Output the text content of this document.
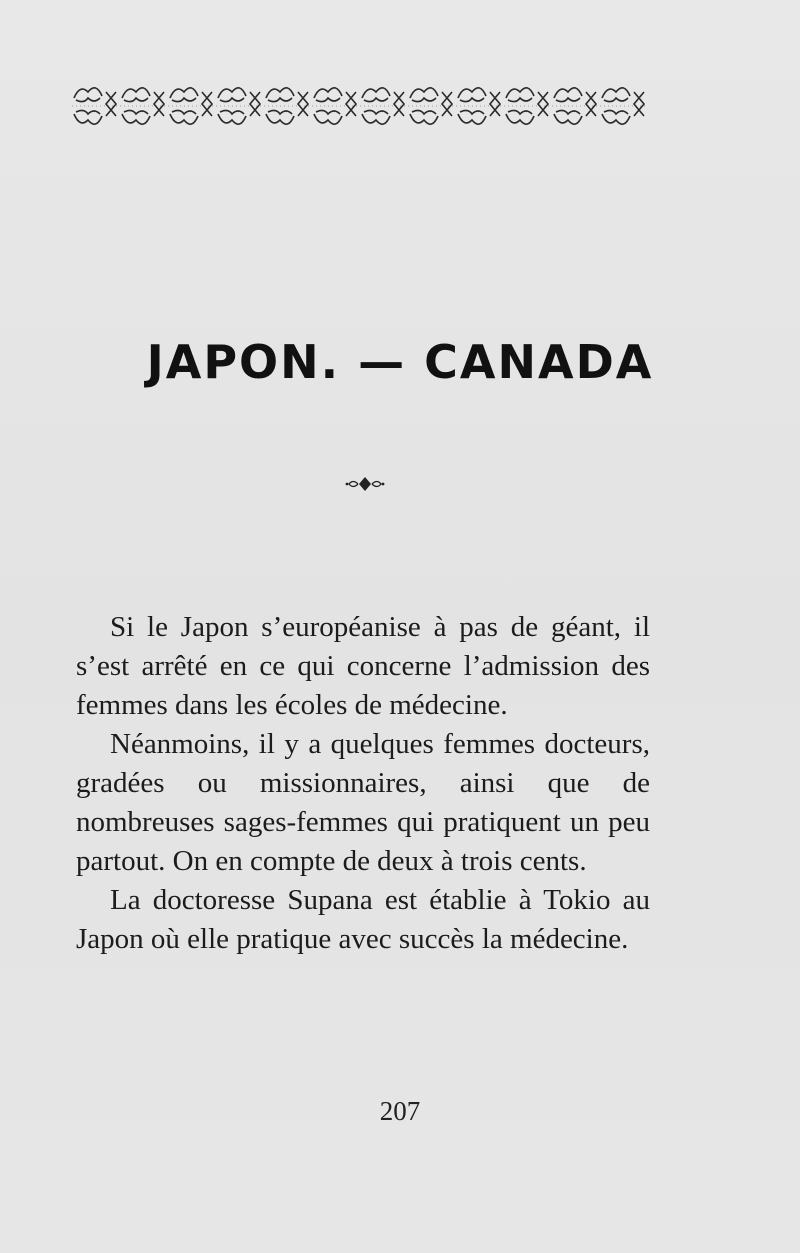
JAPON. — CANADA

Si le Japon s’européanise à pas de géant, il s’est arrêté en ce qui concerne l’admission des femmes dans les écoles de médecine.

Néanmoins, il y a quelques femmes docteurs, gradées ou missionnaires, ainsi que de nombreuses sages-femmes qui pratiquent un peu partout. On en compte de deux à trois cents.

La doctoresse Supana est établie à Tokio au Japon où elle pratique avec succès la médecine.

207
